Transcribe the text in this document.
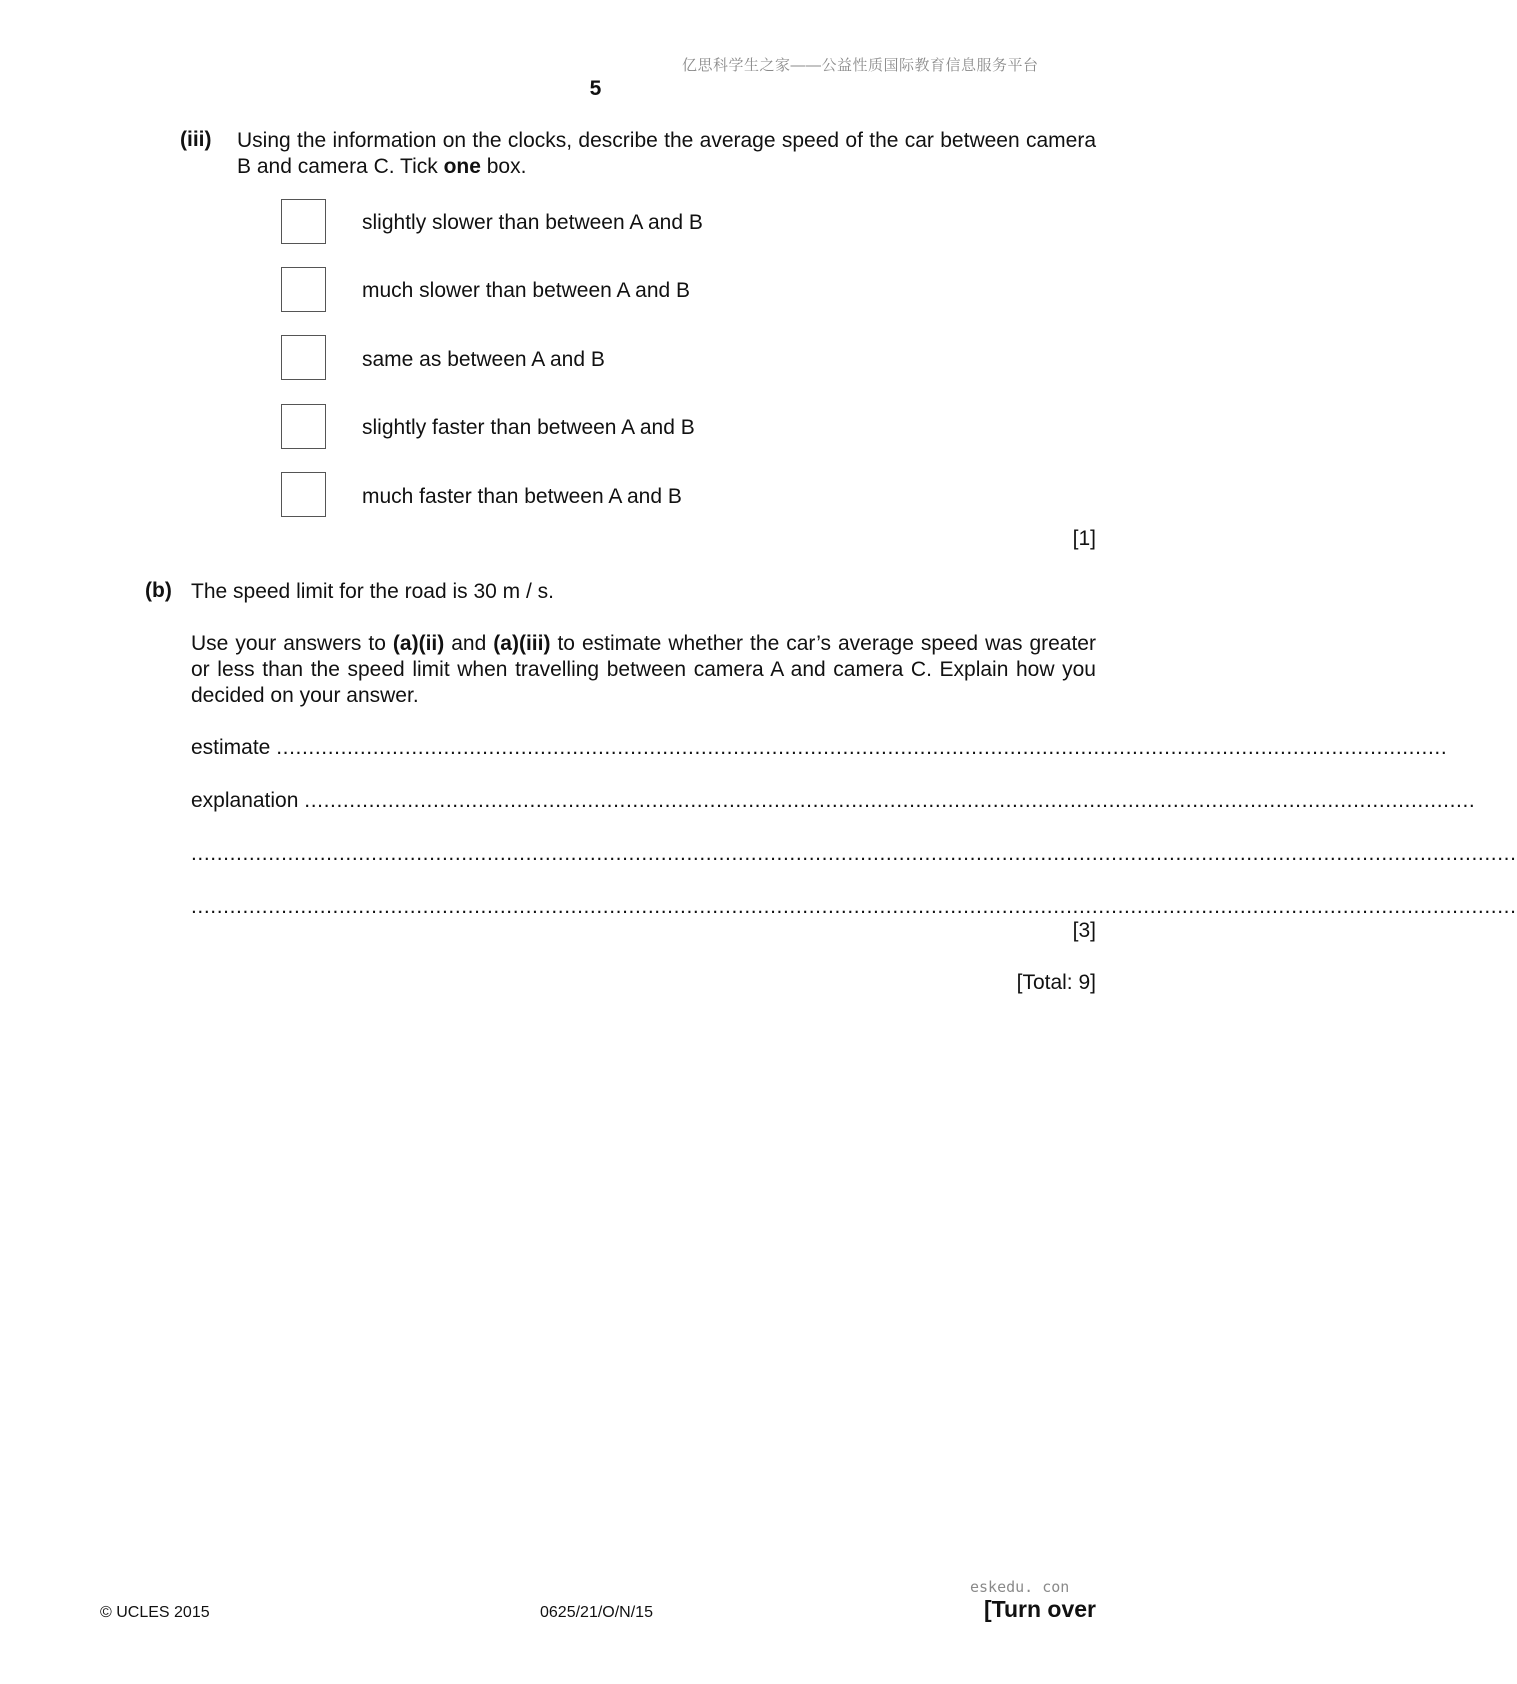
亿思科学生之家——公益性质国际教育信息服务平台
5
(iii) Using the information on the clocks, describe the average speed of the car between camera B and camera C. Tick one box.
slightly slower than between A and B
much slower than between A and B
same as between A and B
slightly faster than between A and B
much faster than between A and B
[1]
(b) The speed limit for the road is 30 m / s.
Use your answers to (a)(ii) and (a)(iii) to estimate whether the car’s average speed was greater or less than the speed limit when travelling between camera A and camera C. Explain how you decided on your answer.
estimate ......................................................................................................................................................................................
explanation ......................................................................................................................................................................................
..............................................................................................................................................................................................................
..............................................................................................................................................................................................................
[3]
[Total: 9]
© UCLES 2015	0625/21/O/N/15
eskedu. con
[Turn over
